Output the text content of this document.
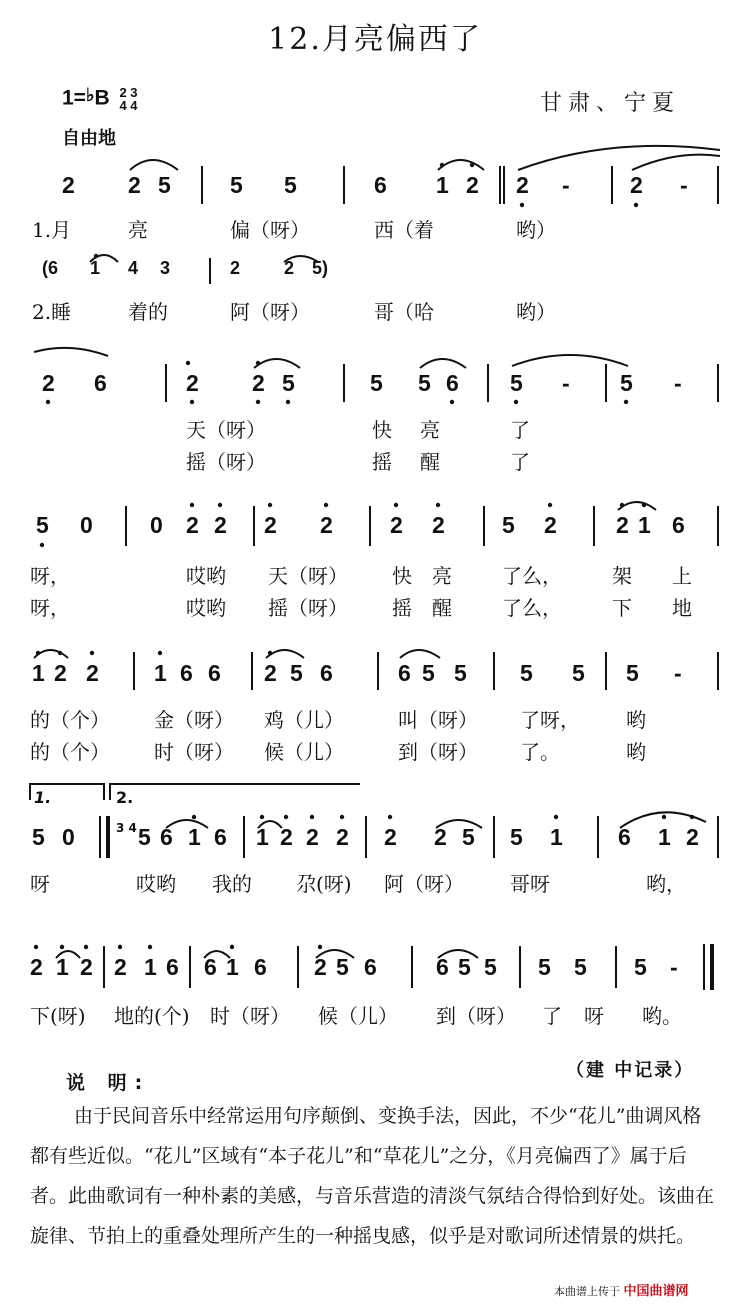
12.月亮偏西了
1=♭B 2 3
4 4	甘肃、宁夏
自由地
2 2 5	5 5	6 1 2 2 -	2 -
1.月	亮	偏（呀）	西（着	哟）
(6 1 4 3	2 2 5)
2.睡	着的	阿（呀）	哥（哈	哟）
2 6	2 2 5	5 5 6 5 - 5 -
天（呀）	快 亮	了
摇（呀）	摇 醒	了
5 0 0 2 2 2 2 2 2 5 2	2 1 6
呀，	哎哟 天（呀） 快 亮	了么，	架 上
呀，	哎哟 摇（呀） 摇 醒	了么，	下 地
1 2 2 1 6 6 2 5 6	6 5 5 5 5 5 -
的（个） 金（呀） 鸡（儿）	叫（呀） 了呀， 哟
的（个） 时（呀） 候（儿）	到（呀） 了。	哟
1.	2.
5 0	5 6 1 6 1 2 2 2 2 2 5 5 1 6 1 2
3 4
呀	哎哟 我的 尕(呀) 阿（呀） 哥呀	哟，
2 1 2 2 1 6 6 1 6 2 5 6	6 5 5 5 5 5 -
下(呀) 地的(个) 时（呀） 候（儿） 到（呀） 了 呀 哟。
说 明:
（建 中记录）
由于民间音乐中经常运用句序颠倒、变换手法，因此，不少“花儿”曲调风格都有些近似。“花儿”区域有“本子花儿”和“草花儿”之分，《月亮偏西了》属于后者。此曲歌词有一种朴素的美感，与音乐营造的清淡气氛结合得恰到好处。该曲在旋律、节拍上的重叠处理所产生的一种摇曳感，似乎是对歌词所述情景的烘托。
本曲谱上传于 中国曲谱网
